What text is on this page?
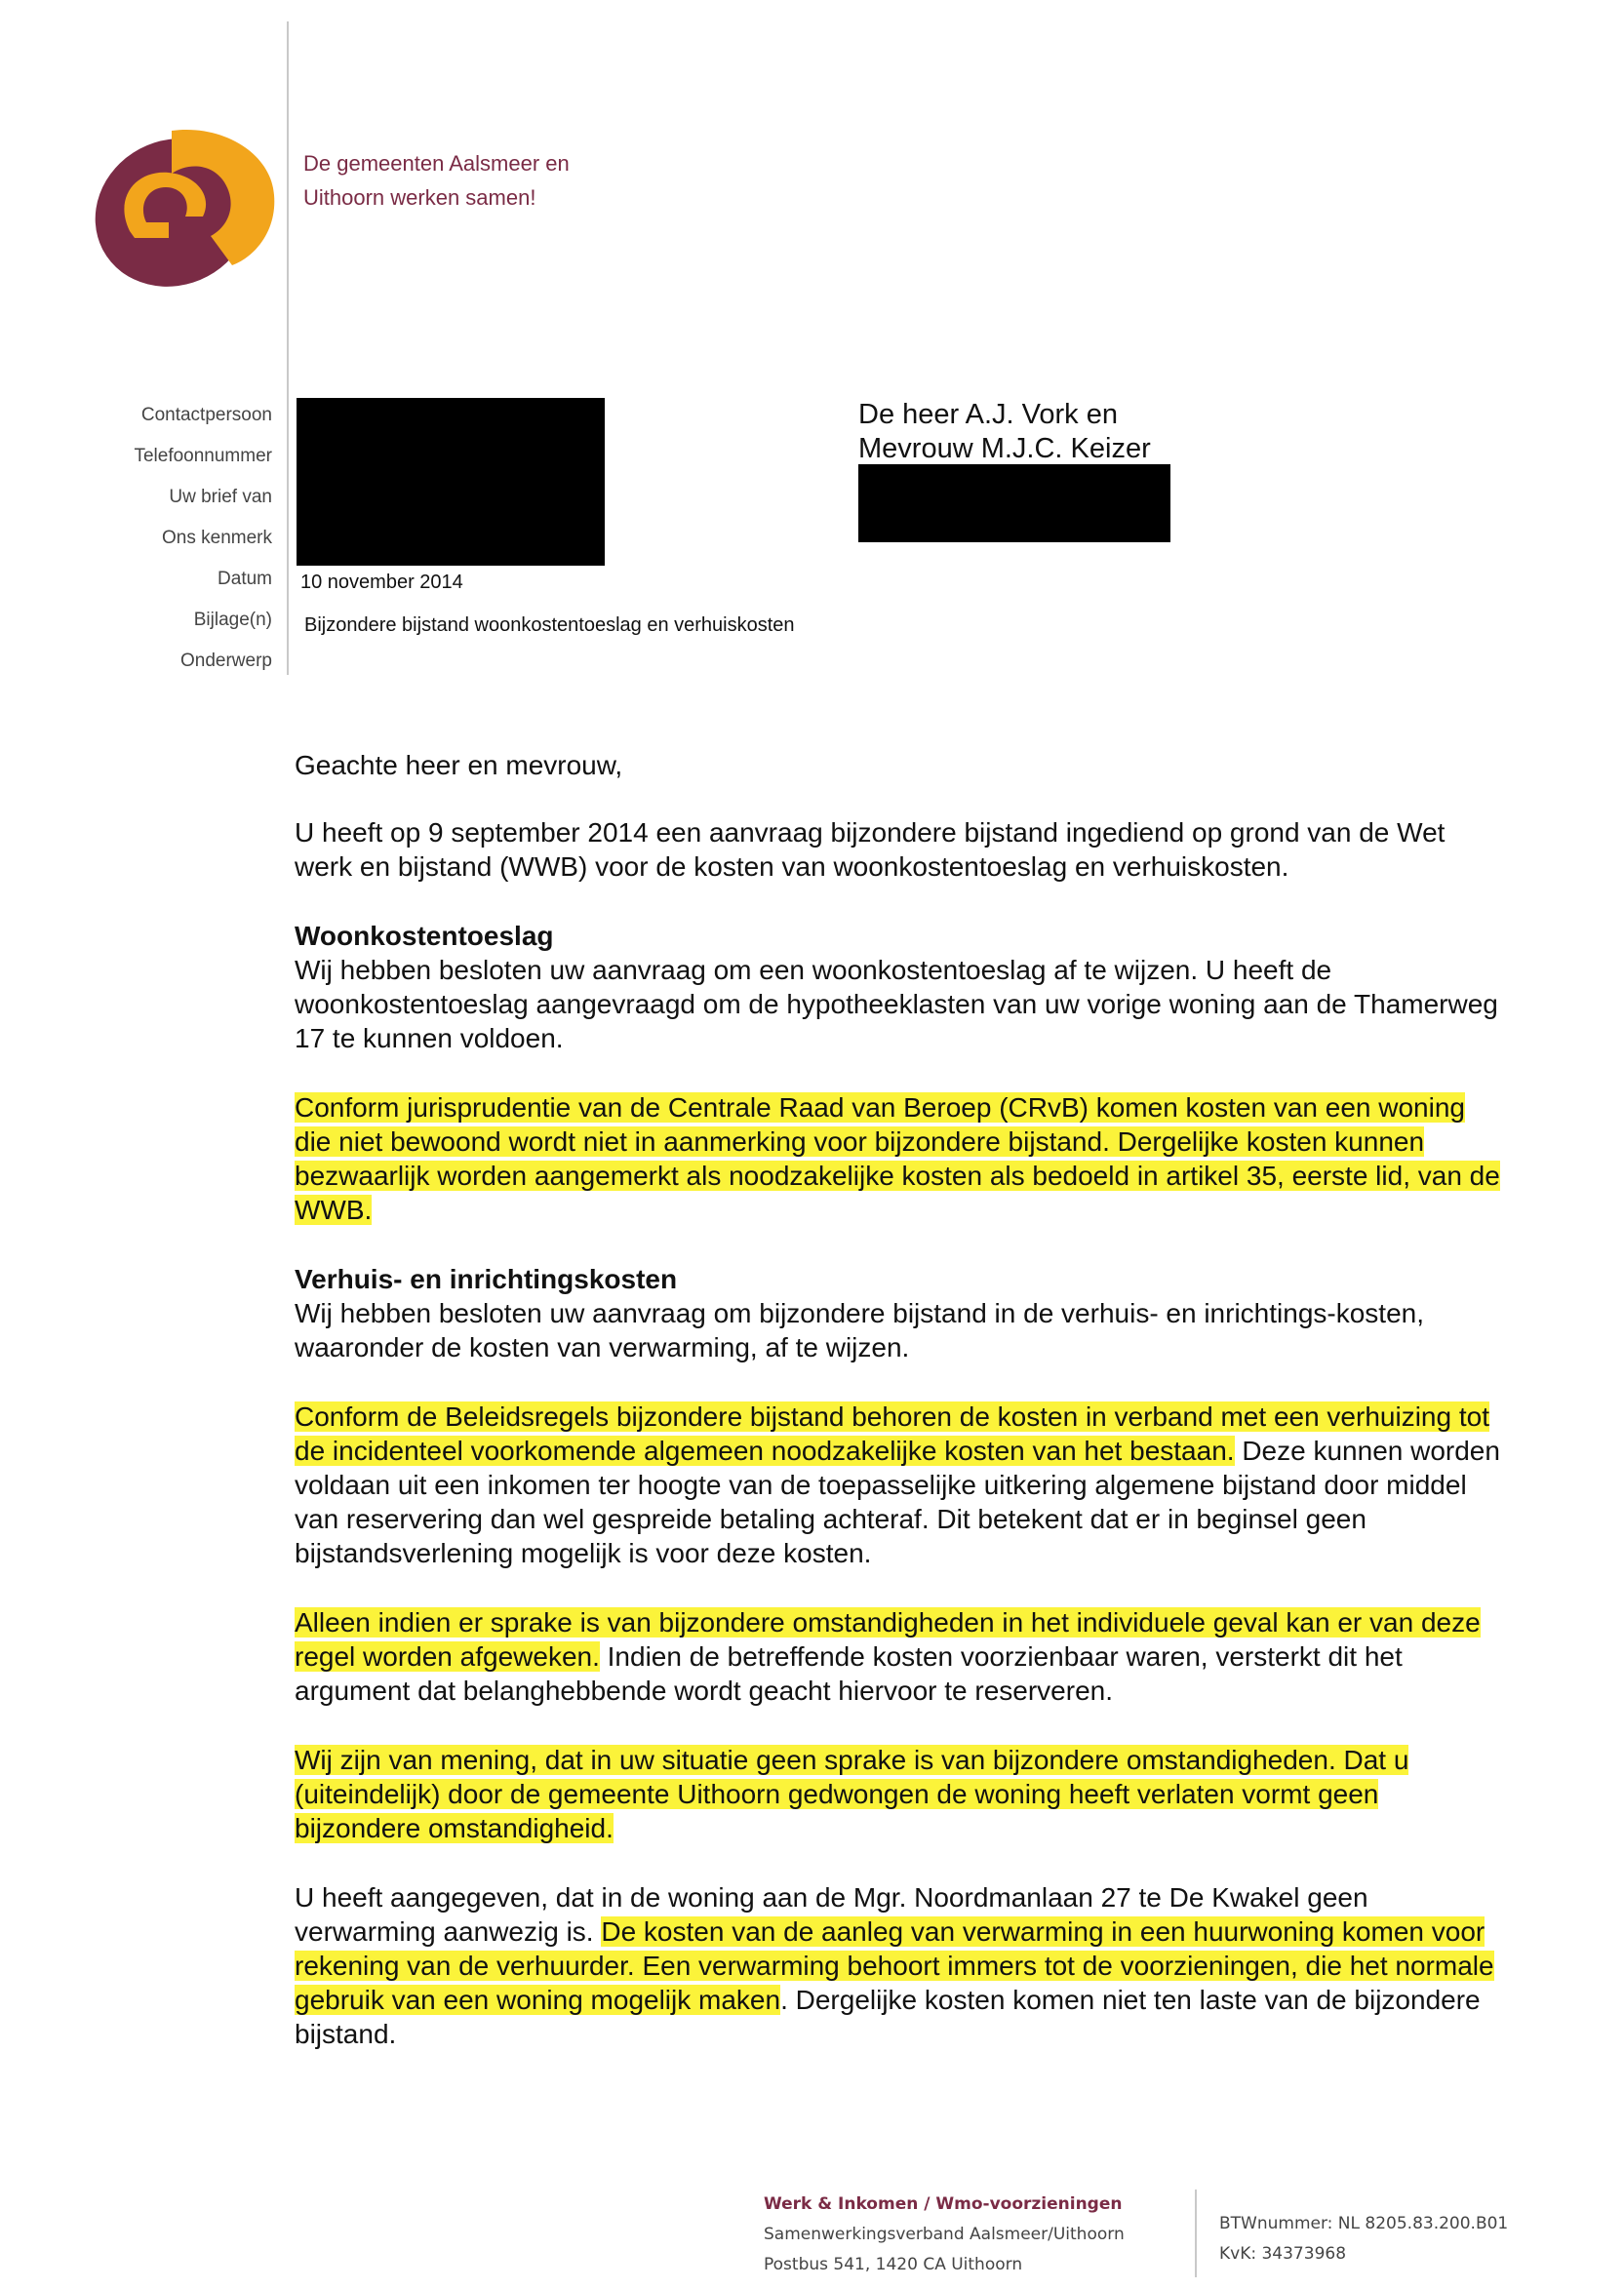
De gemeenten Aalsmeer en
Uithoorn werken samen!
Contactpersoon
Telefoonnummer
Uw brief van
Ons kenmerk
Datum
Bijlage(n)
Onderwerp
10 november 2014
Bijzondere bijstand woonkostentoeslag en verhuiskosten
De heer A.J. Vork en
Mevrouw M.J.C. Keizer

Geachte heer en mevrouw,

U heeft op 9 september 2014 een aanvraag bijzondere bijstand ingediend op grond van de Wet werk en bijstand (WWB) voor de kosten van woonkostentoeslag en verhuiskosten.

Woonkostentoeslag

Wij hebben besloten uw aanvraag om een woonkostentoeslag af te wijzen. U heeft de woonkostentoeslag aangevraagd om de hypotheeklasten van uw vorige woning aan de Thamerweg 17 te kunnen voldoen.

Conform jurisprudentie van de Centrale Raad van Beroep (CRvB) komen kosten van een woning die niet bewoond wordt niet in aanmerking voor bijzondere bijstand. Dergelijke kosten kunnen bezwaarlijk worden aangemerkt als noodzakelijke kosten als bedoeld in artikel 35, eerste lid, van de WWB.

Verhuis- en inrichtingskosten

Wij hebben besloten uw aanvraag om bijzondere bijstand in de verhuis- en inrichtings-kosten, waaronder de kosten van verwarming, af te wijzen.

Conform de Beleidsregels bijzondere bijstand behoren de kosten in verband met een verhuizing tot de incidenteel voorkomende algemeen noodzakelijke kosten van het bestaan. Deze kunnen worden voldaan uit een inkomen ter hoogte van de toepasselijke uitkering algemene bijstand door middel van reservering dan wel gespreide betaling achteraf. Dit betekent dat er in beginsel geen bijstandsverlening mogelijk is voor deze kosten.

Alleen indien er sprake is van bijzondere omstandigheden in het individuele geval kan er van deze regel worden afgeweken. Indien de betreffende kosten voorzienbaar waren, versterkt dit het argument dat belanghebbende wordt geacht hiervoor te reserveren.

Wij zijn van mening, dat in uw situatie geen sprake is van bijzondere omstandigheden. Dat u (uiteindelijk) door de gemeente Uithoorn gedwongen de woning heeft verlaten vormt geen bijzondere omstandigheid.

U heeft aangegeven, dat in de woning aan de Mgr. Noordmanlaan 27 te De Kwakel geen verwarming aanwezig is. De kosten van de aanleg van verwarming in een huurwoning komen voor rekening van de verhuurder. Een verwarming behoort immers tot de voorzieningen, die het normale gebruik van een woning mogelijk maken. Dergelijke kosten komen niet ten laste van de bijzondere bijstand.

Werk & Inkomen / Wmo-voorzieningen
Samenwerkingsverband Aalsmeer/Uithoorn
Postbus 541, 1420 CA Uithoorn
BTWnummer: NL 8205.83.200.B01
KvK: 34373968
